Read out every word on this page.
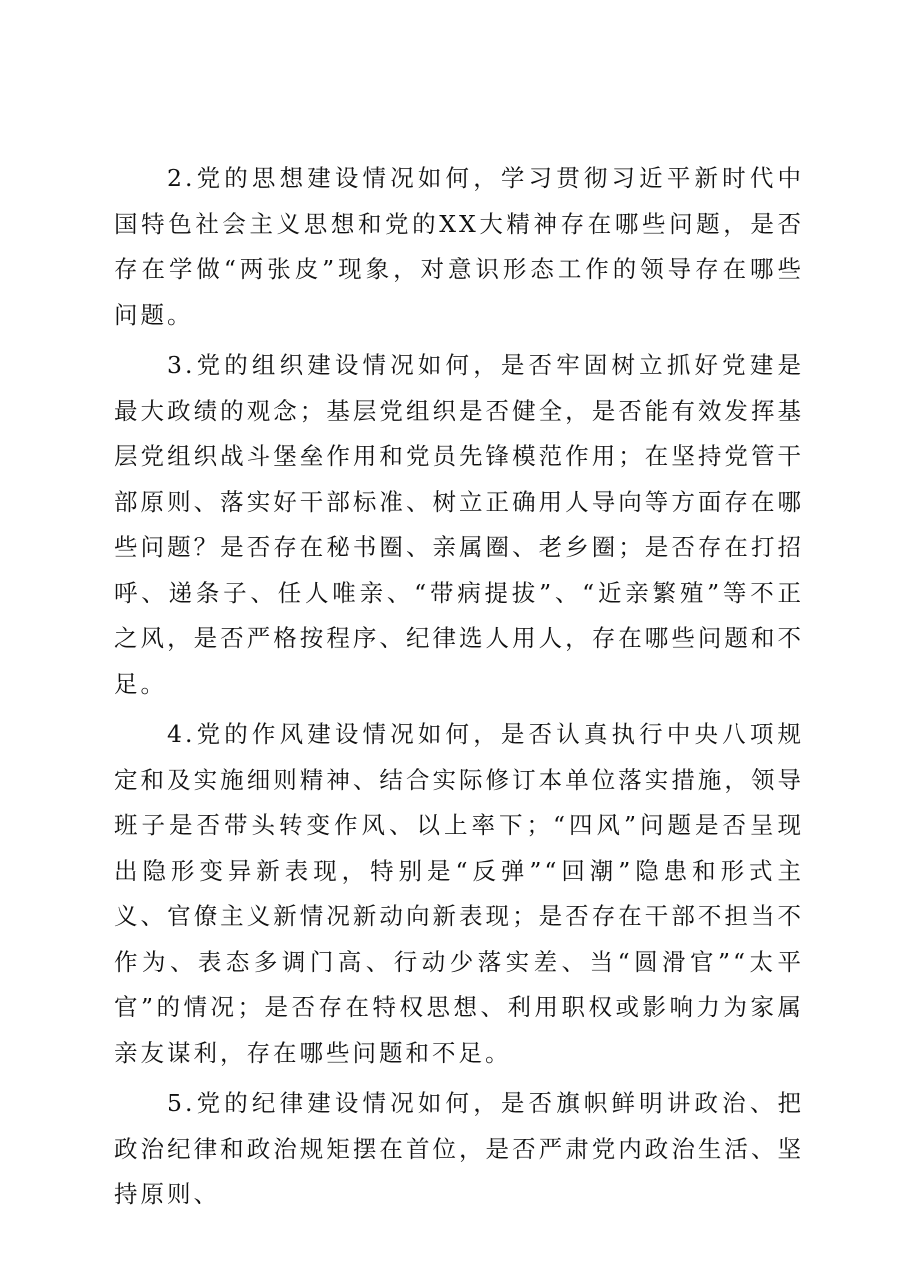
2.党的思想建设情况如何，学习贯彻习近平新时代中国特色社会主义思想和党的XX大精神存在哪些问题，是否存在学做“两张皮”现象，对意识形态工作的领导存在哪些问题。

3.党的组织建设情况如何，是否牢固树立抓好党建是最大政绩的观念；基层党组织是否健全，是否能有效发挥基层党组织战斗堡垒作用和党员先锋模范作用；在坚持党管干部原则、落实好干部标准、树立正确用人导向等方面存在哪些问题？是否存在秘书圈、亲属圈、老乡圈；是否存在打招呼、递条子、任人唯亲、“带病提拔”、“近亲繁殖”等不正之风，是否严格按程序、纪律选人用人，存在哪些问题和不足。

4.党的作风建设情况如何，是否认真执行中央八项规定和及实施细则精神、结合实际修订本单位落实措施，领导班子是否带头转变作风、以上率下；“四风”问题是否呈现出隐形变异新表现，特别是“反弹”“回潮”隐患和形式主义、官僚主义新情况新动向新表现；是否存在干部不担当不作为、表态多调门高、行动少落实差、当“圆滑官”“太平官”的情况；是否存在特权思想、利用职权或影响力为家属亲友谋利，存在哪些问题和不足。

5.党的纪律建设情况如何，是否旗帜鲜明讲政治、把政治纪律和政治规矩摆在首位，是否严肃党内政治生活、坚持原则、
